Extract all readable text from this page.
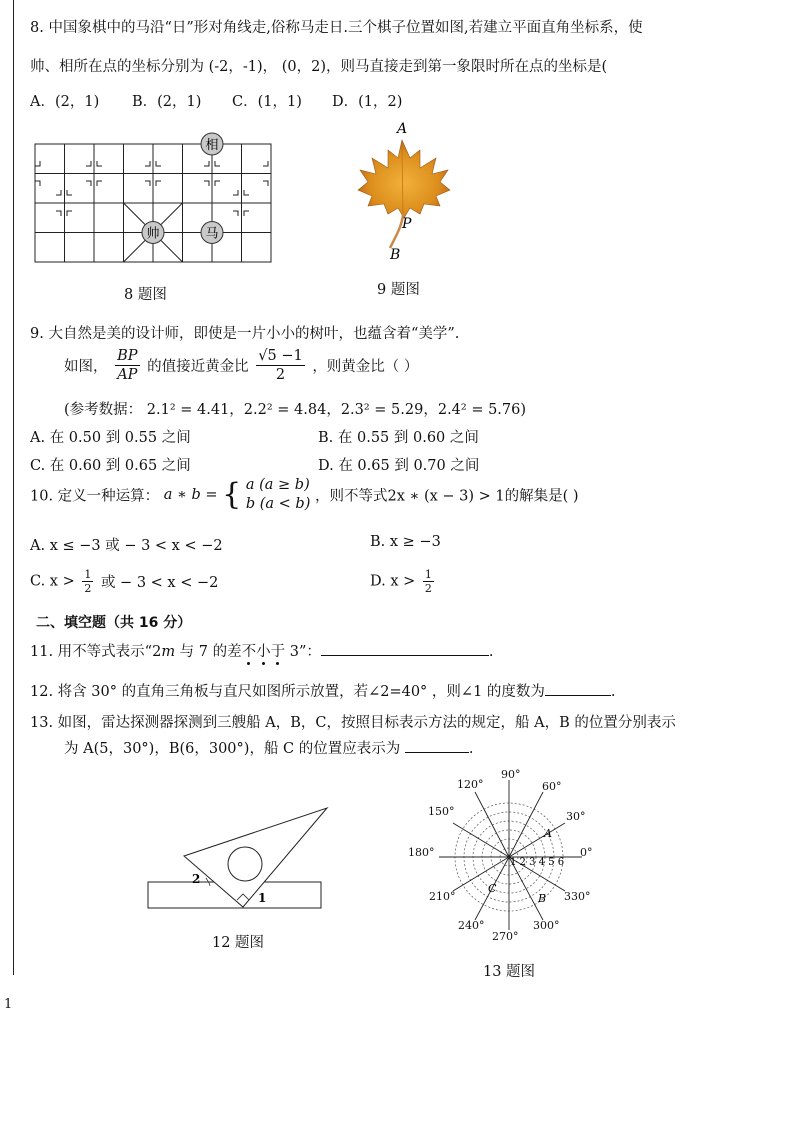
8. 中国象棋中的马沿“日”形对角线走,俗称马走日.三个棋子位置如图,若建立平面直角坐标系，使
帅、相所在点的坐标分别为 (-2，-1)， (0，2)，则马直接走到第一象限时所在点的坐标是(
A．(2，1) B．(2，1) C．(1，1) D．(1，2)
相
帅	马
8 题图
A
P
B
9 题图
9. 大自然是美的设计师，即使是一片小小的树叶，也蕴含着“美学”.
如图， $\frac{BP}{AP}$ 的值接近黄金比 $\frac{√5 -1}{2}$ ，则黄金比（ ）
(参考数据： 2.1² = 4.41，2.2² = 4.84，2.3² = 5.29，2.4² = 5.76)
A. 在 0.50 到 0.55 之间	B. 在 0.55 到 0.60 之间
C. 在 0.60 到 0.65 之间	D. 在 0.65 到 0.70 之间
10. 定义一种运算： a ∗ b = { a (a ≥ b)
b (a < b) ，则不等式2x ∗ (x − 3) > 1的解集是( )
A. x ≤ −3 或 − 3 < x < −2	B. x ≥ −3
C. $x > \frac{1}{2}$ 或 − 3 < x < −2	D. $x > \frac{1}{2}$
二、填空题（共 16 分）
11. 用不等式表示“2m 与 7 的差不小于 3”：	.
12. 将含 30° 的直角三角板与直尺如图所示放置，若∠2=40° ，则∠1 的度数为	.
13. 如图，雷达探测器探测到三艘船 A，B，C，按照目标表示方法的规定，船 A，B 的位置分别表示
为 A(5，30°)，B(6，300°)，船 C 的位置应表示为	.
2
1
12 题图
90°
60°
30°
0°
330°
300°
270°
240°
210°
180°
150°
120°
1 2 3 4 5 6
A
B
C
13 题图
1
